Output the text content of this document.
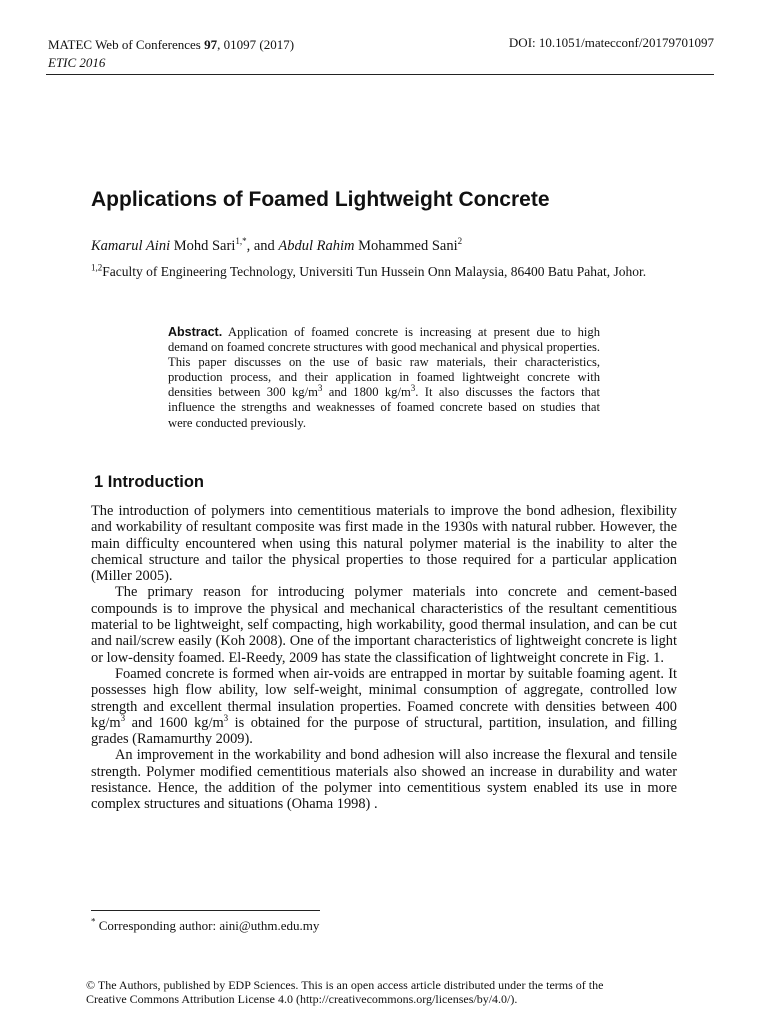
MATEC Web of Conferences 97, 01097 (2017)
ETIC 2016
DOI: 10.1051/matecconf/20179701097
Applications of Foamed Lightweight Concrete
Kamarul Aini Mohd Sari$^{1,*}$, and Abdul Rahim Mohammed Sani$^2$
$^{1,2}$Faculty of Engineering Technology, Universiti Tun Hussein Onn Malaysia, 86400 Batu Pahat, Johor.
Abstract. Application of foamed concrete is increasing at present due to high demand on foamed concrete structures with good mechanical and physical properties. This paper discusses on the use of basic raw materials, their characteristics, production process, and their application in foamed lightweight concrete with densities between 300 $kg/m^3$ and 1800 $kg/m^3$. It also discusses the factors that influence the strengths and weaknesses of foamed concrete based on studies that were conducted previously.
1 Introduction

The introduction of polymers into cementitious materials to improve the bond adhesion, flexibility and workability of resultant composite was first made in the 1930s with natural rubber. However, the main difficulty encountered when using this natural polymer material is the inability to alter the chemical structure and tailor the physical properties to those required for a particular application (Miller 2005).

The primary reason for introducing polymer materials into concrete and cement-based compounds is to improve the physical and mechanical characteristics of the resultant cementitious material to be lightweight, self compacting, high workability, good thermal insulation, and can be cut and nail/screw easily (Koh 2008). One of the important characteristics of lightweight concrete is light or low-density foamed. El-Reedy, 2009 has state the classification of lightweight concrete in Fig. 1.

Foamed concrete is formed when air-voids are entrapped in mortar by suitable foaming agent. It possesses high flow ability, low self-weight, minimal consumption of aggregate, controlled low strength and excellent thermal insulation properties. Foamed concrete with densities between 400 $kg/m^3$ and 1600 $kg/m^3$ is obtained for the purpose of structural, partition, insulation, and filling grades (Ramamurthy 2009).

An improvement in the workability and bond adhesion will also increase the flexural and tensile strength. Polymer modified cementitious materials also showed an increase in durability and water resistance. Hence, the addition of the polymer into cementitious system enabled its use in more complex structures and situations (Ohama 1998) .

* Corresponding author: aini@uthm.edu.my
© The Authors, published by EDP Sciences. This is an open access article distributed under the terms of the
Creative Commons Attribution License 4.0 (http://creativecommons.org/licenses/by/4.0/).
